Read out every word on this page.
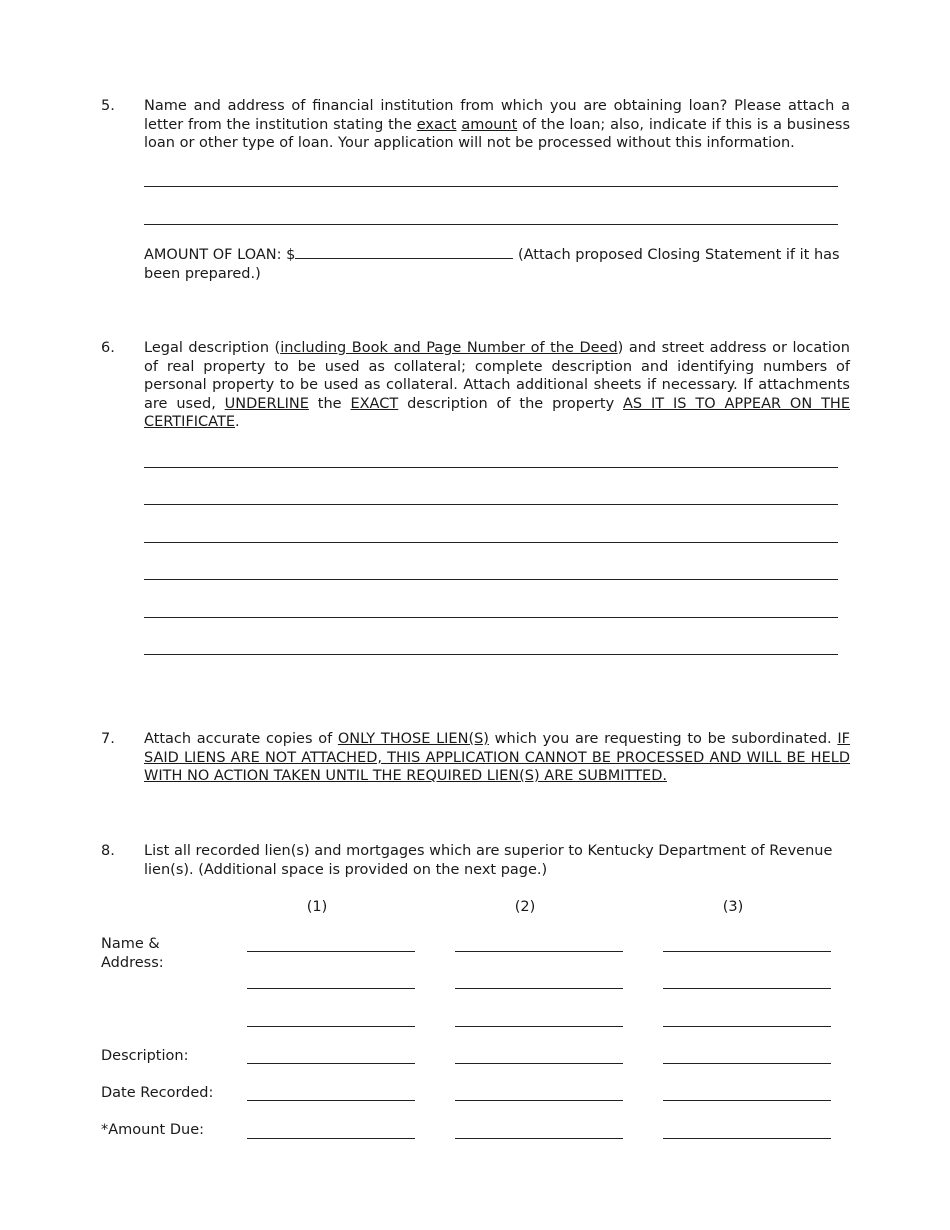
5. Name and address of financial institution from which you are obtaining loan? Please attach a letter from the institution stating the exact amount of the loan; also, indicate if this is a business loan or other type of loan. Your application will not be processed without this information.
AMOUNT OF LOAN: $	(Attach proposed Closing Statement if it has been prepared.)
6. Legal description (including Book and Page Number of the Deed) and street address or location of real property to be used as collateral; complete description and identifying numbers of personal property to be used as collateral. Attach additional sheets if necessary. If attachments are used, UNDERLINE the EXACT description of the property AS IT IS TO APPEAR ON THE CERTIFICATE.
7. Attach accurate copies of ONLY THOSE LIEN(S) which you are requesting to be subordinated. IF SAID LIENS ARE NOT ATTACHED, THIS APPLICATION CANNOT BE PROCESSED AND WILL BE HELD WITH NO ACTION TAKEN UNTIL THE REQUIRED LIEN(S) ARE SUBMITTED.
8. List all recorded lien(s) and mortgages which are superior to Kentucky Department of Revenue lien(s). (Additional space is provided on the next page.)
(1)	(2)	(3)
Name & Address:
Description:
Date Recorded:
*Amount Due:
